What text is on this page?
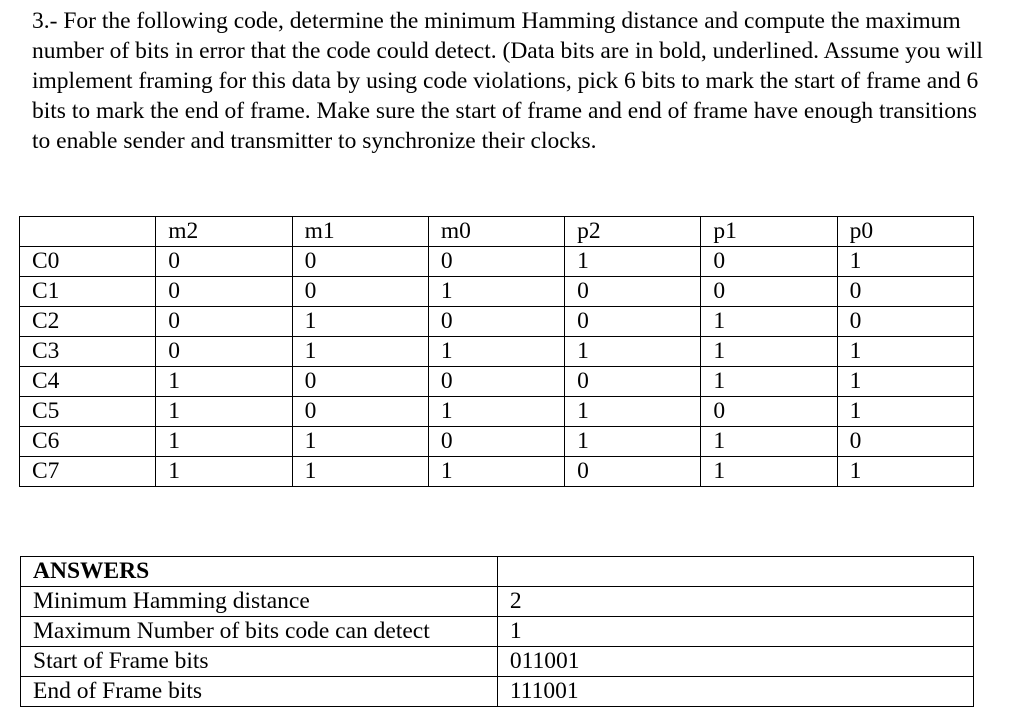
3.- For the following code, determine the minimum Hamming distance and compute the maximum number of bits in error that the code could detect. (Data bits are in bold, underlined. Assume you will implement framing for this data by using code violations, pick 6 bits to mark the start of frame and 6 bits to mark the end of frame. Make sure the start of frame and end of frame have enough transitions to enable sender and transmitter to synchronize their clocks.

	m2	m1	m0	p2	p1	p0
C0	0	0	0	1	0	1
C1	0	0	1	0	0	0
C2	0	1	0	0	1	0
C3	0	1	1	1	1	1
C4	1	0	0	0	1	1
C5	1	0	1	1	0	1
C6	1	1	0	1	1	0
C7	1	1	1	0	1	1
ANSWERS	
Minimum Hamming distance	2
Maximum Number of bits code can detect	1
Start of Frame bits	011001
End of Frame bits	111001
